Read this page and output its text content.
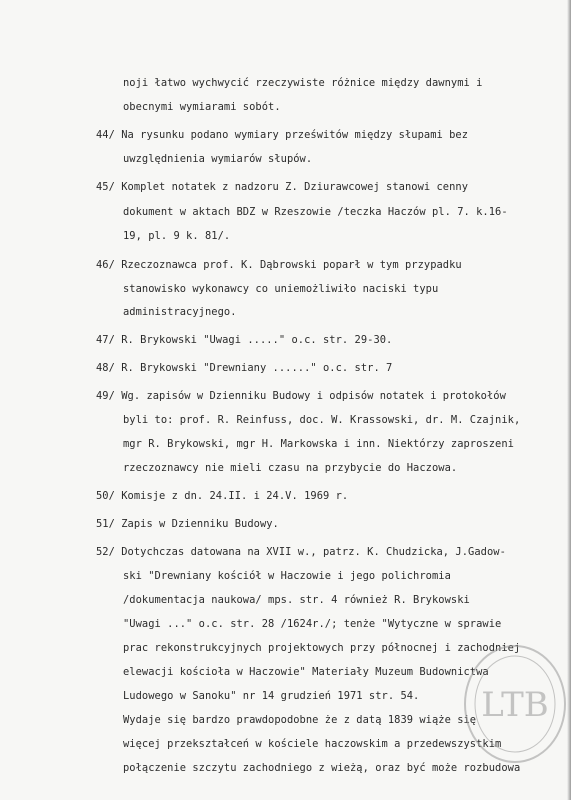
noji łatwo wychwycić rzeczywiste różnice między dawnymi i
obecnymi wymiarami sobót.
44/ Na rysunku podano wymiary prześwitów między słupami bez
uwzględnienia wymiarów słupów.
45/ Komplet notatek z nadzoru Z. Dziurawcowej stanowi cenny
dokument w aktach BDZ w Rzeszowie /teczka Haczów pl. 7. k.16-
19, pl. 9 k. 81/.
46/ Rzeczoznawca prof. K. Dąbrowski poparł w tym przypadku
stanowisko wykonawcy co uniemożliwiło naciski typu
administracyjnego.
47/ R. Brykowski "Uwagi ....." o.c. str. 29-30.
48/ R. Brykowski "Drewniany ......" o.c. str. 7
49/ Wg. zapisów w Dzienniku Budowy i odpisów notatek i protokołów
byli to: prof. R. Reinfuss, doc. W. Krassowski, dr. M. Czajnik,
mgr R. Brykowski, mgr H. Markowska i inn. Niektórzy zaproszeni
rzeczoznawcy nie mieli czasu na przybycie do Haczowa.
50/ Komisje z dn. 24.II. i 24.V. 1969 r.
51/ Zapis w Dzienniku Budowy.
52/ Dotychczas datowana na XVII w., patrz. K. Chudzicka, J.Gadow-
ski "Drewniany kościół w Haczowie i jego polichromia
/dokumentacja naukowa/ mps. str. 4 również R. Brykowski
"Uwagi ..." o.c. str. 28 /1624r./; tenże "Wytyczne w sprawie
prac rekonstrukcyjnych projektowych przy północnej i zachodniej
elewacji kościoła w Haczowie" Materiały Muzeum Budownictwa
Ludowego w Sanoku" nr 14 grudzień 1971 str. 54.
Wydaje się bardzo prawdopodobne że z datą 1839 wiąże się
więcej przekształceń w kościele haczowskim a przedewszystkim
połączenie szczytu zachodniego z wieżą, oraz być może rozbudowa
LTB
